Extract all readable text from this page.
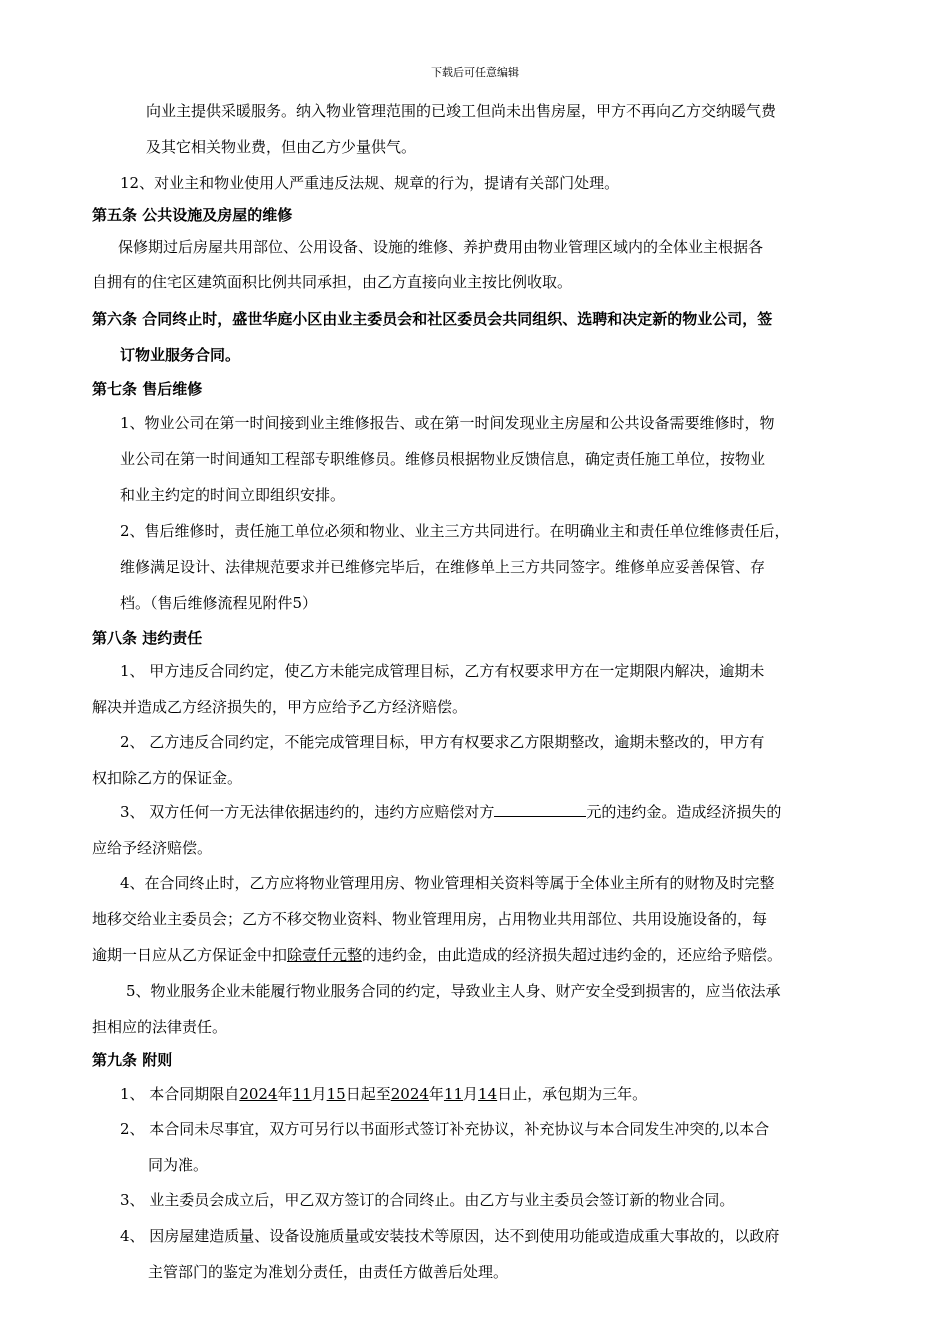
下载后可任意编辑
向业主提供采暖服务。纳入物业管理范围的已竣工但尚未出售房屋，甲方不再向乙方交纳暖气费
及其它相关物业费，但由乙方少量供气。
12、对业主和物业使用人严重违反法规、规章的行为，提请有关部门处理。
第五条 公共设施及房屋的维修
保修期过后房屋共用部位、公用设备、设施的维修、养护费用由物业管理区域内的全体业主根据各
自拥有的住宅区建筑面积比例共同承担，由乙方直接向业主按比例收取。
第六条 合同终止时，盛世华庭小区由业主委员会和社区委员会共同组织、选聘和决定新的物业公司，签
订物业服务合同。
第七条 售后维修
1、物业公司在第一时间接到业主维修报告、或在第一时间发现业主房屋和公共设备需要维修时，物
业公司在第一时间通知工程部专职维修员。维修员根据物业反馈信息，确定责任施工单位，按物业
和业主约定的时间立即组织安排。
2、售后维修时，责任施工单位必须和物业、业主三方共同进行。在明确业主和责任单位维修责任后，
维修满足设计、法律规范要求并已维修完毕后，在维修单上三方共同签字。维修单应妥善保管、存
档。（售后维修流程见附件5）
第八条 违约责任
1、 甲方违反合同约定，使乙方未能完成管理目标，乙方有权要求甲方在一定期限内解决，逾期未
解决并造成乙方经济损失的，甲方应给予乙方经济赔偿。
2、 乙方违反合同约定，不能完成管理目标，甲方有权要求乙方限期整改，逾期未整改的，甲方有
权扣除乙方的保证金。
3、 双方任何一方无法律依据违约的，违约方应赔偿对方	元的违约金。造成经济损失的
应给予经济赔偿。
4、在合同终止时，乙方应将物业管理用房、物业管理相关资料等属于全体业主所有的财物及时完整
地移交给业主委员会；乙方不移交物业资料、物业管理用房，占用物业共用部位、共用设施设备的，每
逾期一日应从乙方保证金中扣除壹仟元整的违约金，由此造成的经济损失超过违约金的，还应给予赔偿。
5、物业服务企业未能履行物业服务合同的约定，导致业主人身、财产安全受到损害的，应当依法承
担相应的法律责任。
第九条 附则
1、 本合同期限自2024年11月15日起至2024年11月14日止，承包期为三年。
2、 本合同未尽事宜，双方可另行以书面形式签订补充协议，补充协议与本合同发生冲突的,以本合
同为准。
3、 业主委员会成立后，甲乙双方签订的合同终止。由乙方与业主委员会签订新的物业合同。
4、 因房屋建造质量、设备设施质量或安装技术等原因，达不到使用功能或造成重大事故的，以政府
主管部门的鉴定为准划分责任，由责任方做善后处理。
